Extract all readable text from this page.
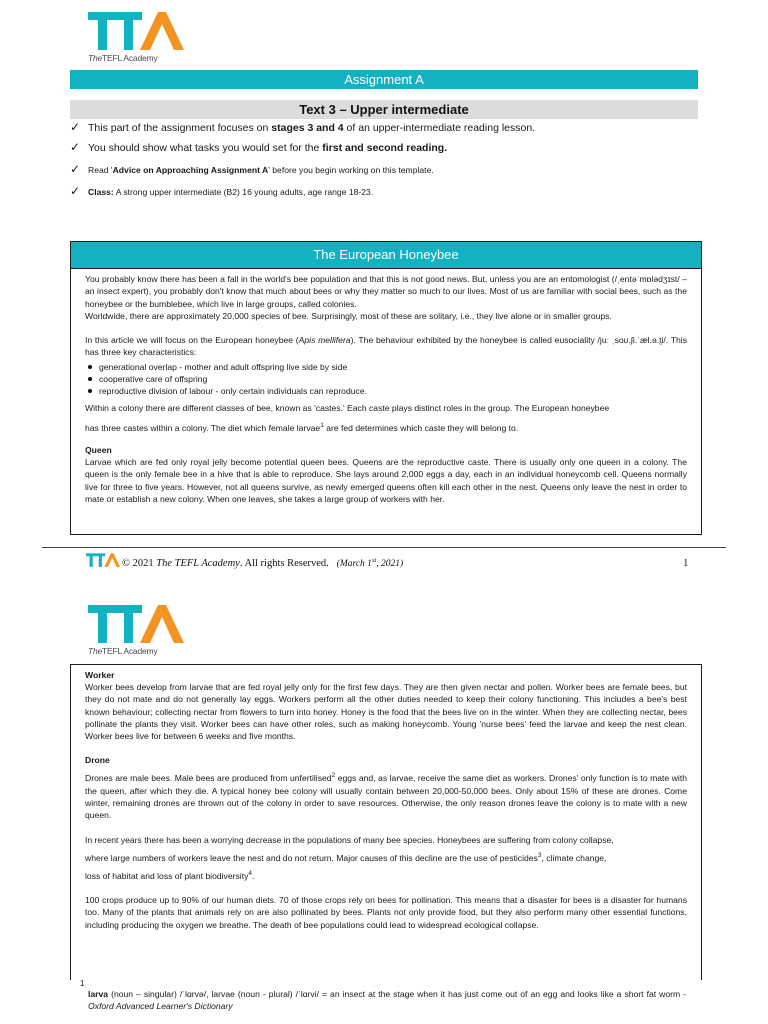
TheTEFL Academy
Assignment A
Text 3 – Upper intermediate
✓ This part of the assignment focuses on stages 3 and 4 of an upper-intermediate reading lesson.
✓ You should show what tasks you would set for the first and second reading.
✓ Read 'Advice on Approaching Assignment A' before you begin working on this template.
✓ Class: A strong upper intermediate (B2) 16 young adults, age range 18-23.
The European Honeybee

You probably know there has been a fall in the world's bee population and that this is not good news. But, unless you are an entomologist (/ˌentəˈmɒlədʒɪst/ – an insect expert), you probably don't know that much about bees or why they matter so much to our lives. Most of us are familiar with social bees, such as the honeybee or the bumblebee, which live in large groups, called colonies.

Worldwide, there are approximately 20,000 species of bee. Surprisingly, most of these are solitary, i.e., they live alone or in smaller groups.

In this article we will focus on the European honeybee (Apis mellifera). The behaviour exhibited by the honeybee is called eusociality /juː ˌsoʊ.ʃi.ˈæl.ə.t̬i/. This has three key characteristics:

generational overlap - mother and adult offspring live side by side
cooperative care of offspring
reproductive division of labour - only certain individuals can reproduce.

Within a colony there are different classes of bee, known as 'castes.' Each caste plays distinct roles in the group. The European honeybee

has three castes within a colony. The diet which female larvae$^1$ are fed determines which caste they will belong to.

Queen

Larvae which are fed only royal jelly become potential queen bees. Queens are the reproductive caste. There is usually only one queen in a colony. The queen is the only female bee in a hive that is able to reproduce. She lays around 2,000 eggs a day, each in an individual honeycomb cell. Queens normally live for three to five years. However, not all queens survive, as newly emerged queens often kill each other in the nest. Queens only leave the nest in order to mate or establish a new colony. When one leaves, she takes a large group of workers with her.

© 2021 The TEFL Academy. All rights Reserved. (March 1st, 2021)	1
TheTEFL Academy

Worker

Worker bees develop from larvae that are fed royal jelly only for the first few days. They are then given nectar and pollen. Worker bees are female bees, but they do not mate and do not generally lay eggs. Workers perform all the other duties needed to keep their colony functioning. This includes a bee's best known behaviour; collecting nectar from flowers to turn into honey. Honey is the food that the bees live on in the winter. When they are collecting nectar, bees pollinate the plants they visit. Worker bees can have other roles, such as making honeycomb. Young 'nurse bees' feed the larvae and keep the nest clean. Worker bees live for between 6 weeks and five months.

Drone

Drones are male bees. Male bees are produced from unfertilised$^2$ eggs and, as larvae, receive the same diet as workers. Drones' only function is to mate with the queen, after which they die. A typical honey bee colony will usually contain between 20,000-50,000 bees. Only about 15% of these are drones. Come winter, remaining drones are thrown out of the colony in order to save resources. Otherwise, the only reason drones leave the colony is to mate with a new queen.

In recent years there has been a worrying decrease in the populations of many bee species. Honeybees are suffering from colony collapse,

where large numbers of workers leave the nest and do not return. Major causes of this decline are the use of pesticides$^3$, climate change,

loss of habitat and loss of plant biodiversity$^4$.

100 crops produce up to 90% of our human diets. 70 of those crops rely on bees for pollination. This means that a disaster for bees is a disaster for humans too. Many of the plants that animals rely on are also pollinated by bees. Plants not only provide food, but they also perform many other essential functions, including producing the oxygen we breathe. The death of bee populations could lead to widespread ecological collapse.

1
larva (noun – singular) /ˈlɑrvə/, larvae (noun - plural) /ˈlɑrvi/ = an insect at the stage when it has just come out of an egg and looks like a short fat worm - Oxford Advanced Learner's Dictionary
